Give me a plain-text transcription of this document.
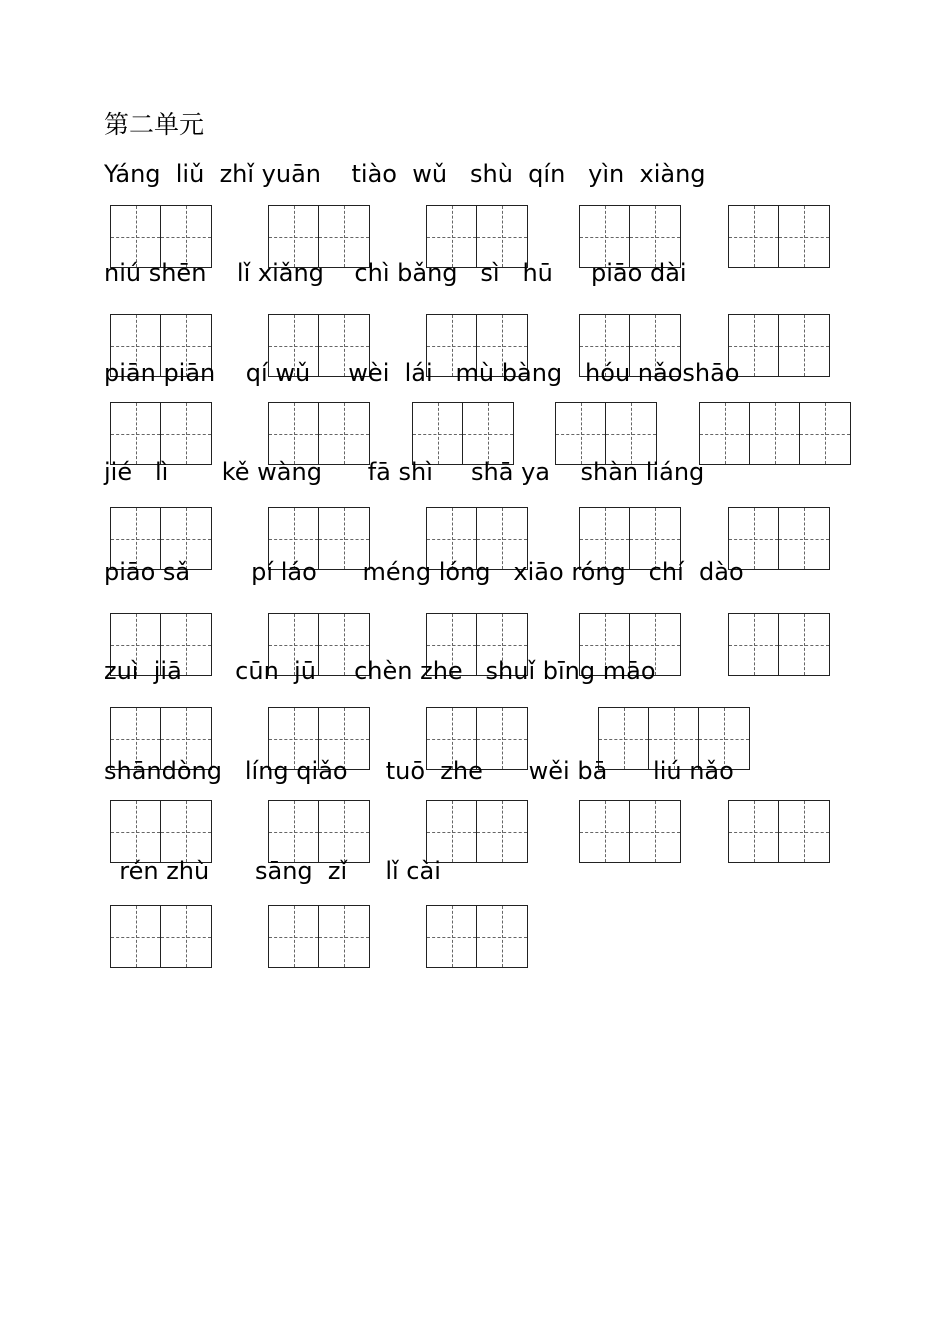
第二单元
Yáng  liǔ  zhǐ yuān    tiào  wǔ   shù  qín   yìn  xiàng
niú shēn    lǐ xiǎng    chì bǎng   sì   hū     piāo dài
piān piān    qí wǔ     wèi  lái   mù bàng   hóu nǎoshāo
jié   lì       kě wàng      fā shì     shā ya    shàn liáng
piāo sǎ        pí láo      méng lóng   xiāo róng   chí  dào
zuì  jiā       cūn  jū     chèn zhe   shuǐ bīng māo
shāndòng   líng qiǎo     tuō  zhe      wěi bā      liú nǎo
rén zhù      sāng  zǐ     lǐ cài
